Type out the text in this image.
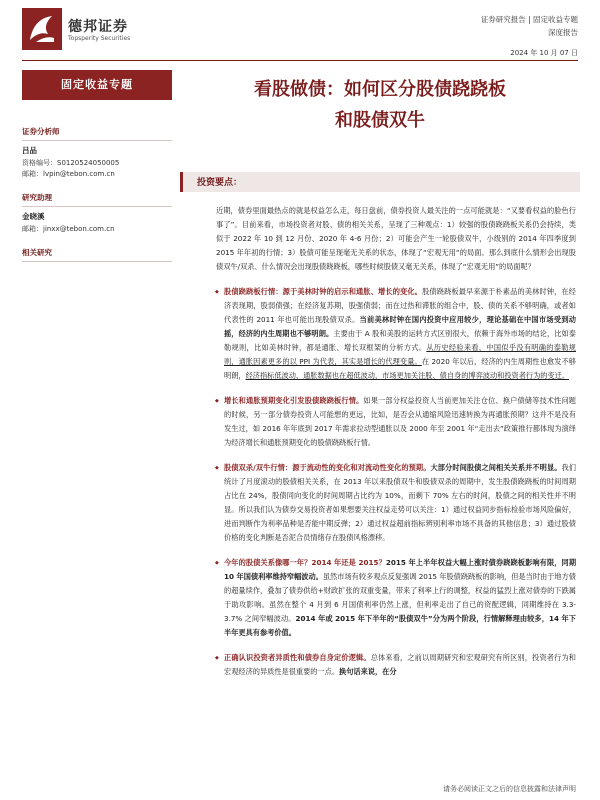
德邦证券
Topsperity Securities
证券研究报告 | 固定收益专题
深度报告
2024 年 10 月 07 日
固定收益专题
证券分析师
吕品
资格编号：S0120524050005
邮箱：lvpin@tebon.com.cn
研究助理
金晓溪
邮箱：jinxx@tebon.com.cn
相关研究
看股做债：如何区分股债跷跷板
和股债双牛
投资要点：
近期，债券里面最热点的就是权益怎么走，每日盘前，债券投资人最关注的一点可能就是：“又要看权益的脸色行事了”。目前来看，市场投资者对股、债的相关关系，呈现了三种观点：1）较强的股债跷跷板关系仍会持续，类似于 2022 年 10 到 12 月份、2020 年 4-6 月份；2）可能会产生一轮股债双牛，小级别的 2014 年四季度到 2015 年年初的行情；3）股债可能呈现毫无关系的状态，体现了“宏观无用”的局面。那么到底什么情形会出现股债双牛/双杀、什么情况会出现股债跷跷板，哪些时候股债又毫无关系，体现了“宏观无用”的局面呢？
◆ 股债跷跷板行情：源于美林时钟的启示和通胀、增长的变化。股债跷跷板最早来源于朴素品的美林时钟，在经济表现期，股弱债强；在经济复苏期，股强债弱；而在过热和滞胀的组合中，股、债的关系不够明确，或者如代表性的 2011 年也可能出现股债双杀。当前美林时钟在国内投资中应用较少，理论基础在中国市场受到动摇，经济的内生周期也不够明朗。主要由于 A 股和美股的运转方式区别很大，依赖于海外市场的结论，比如泰勒规则，比如美林时钟，都是通胀、增长双框架的分析方式。从历史经验来看，中国似乎没有明确的泰勒规则，通胀因素更多的以 PPI 为代表，其实是增长的代理变量。在 2020 年以后，经济的内生周期性也愈发不够明朗，经济指标低波动、通胀数据也在超低波动，市场更加关注股、债自身的博弈波动和投资者行为的变迁。
◆ 增长和通胀预期变化引发股债跷跷板行情。如果一部分权益投资人当前更加关注仓位、换户债储等技术性问题的时候，另一部分债券投资人可能想的更远，比如，是否会从通缩风险迅速转换为再通胀预期？这并不是没有发生过，如 2016 年年底到 2017 年需求拉动型通胀以及 2000 年至 2001 年“走出去”政策推行都体现为演绎为经济增长和通胀预期变化的股债跷跷板行情。
◆ 股债双杀/双牛行情：源于流动性的变化和对流动性变化的预期。大部分时间股债之间相关关系并不明显。我们统计了月度滚动的股债相关关系，在 2013 年以来股债双牛和股债双杀的周期中，发生股债跷跷板的时间周期占比在 24%，股债同向变化的时间周期占比约为 10%，而剩下 70% 左右的时间，股债之间的相关性并不明显。所以我们认为债券交易投资者如果想要关注权益走势可以关注：1）通过权益同步指标检验市场风险偏好，进而判断作为利率品种是否能中期反弹；2）通过权益超前指标辨别利率市场不具备的其他信息；3）通过股债价格的变化判断是否泥合员情绪存在股债风格漂移。
◆ 今年的股债关系像哪一年？2014 年还是 2015？2015 年上半年权益大幅上涨时债券跷跷板影响有限，同期 10 年国债利率维持窄幅波动。虽然市场有较多观点反复强调 2015 年股债跷跷板的影响，但是当时由于地方债的超量续作，叠加了债券供给+财政扩张的双重变量，带来了利率上行的调整，权益的猛烈上涨对债券的下跌属于助攻影响。虽然在整个 4 月到 6 月国债利率仍然上涨，但利率走出了自己的资配逻辑，同期维持在 3.3-3.7% 之间窄幅波动。2014 年或 2015 年下半年的“股债双牛”分为两个阶段，行情解释理由较多，14 年下半年更具有参考价值。
◆ 正确认识投资者异质性和债券自身定价逻辑。总体来看，之前以周期研究和宏观研究有所区别，投资者行为和宏观经济的异质性是很重要的一点。换句话来说，在分
请务必阅读正文之后的信息披露和法律声明
